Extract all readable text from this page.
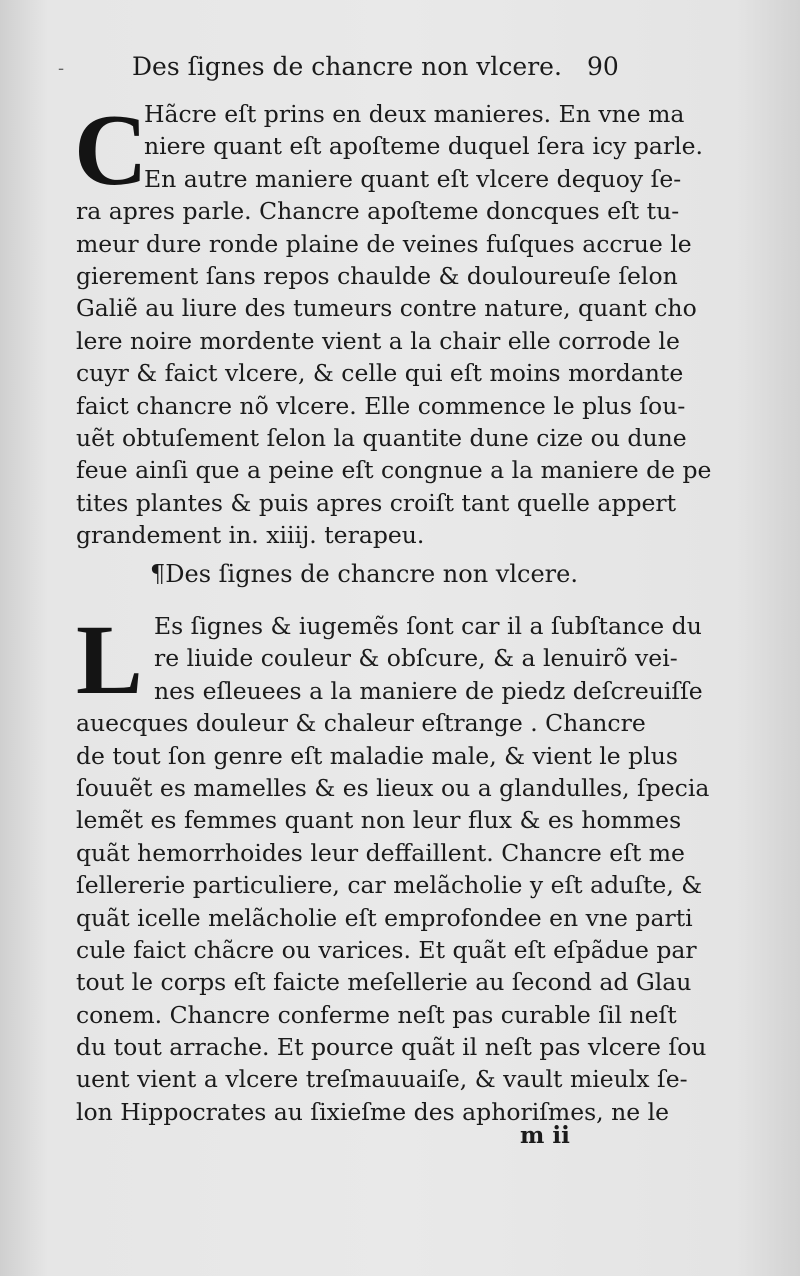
-	Des ſignes de chancre non vlcere. 90
C
Hãcre eſt prins en deux manieres. En vne ma
niere quant eſt apoſteme duquel ſera icy parle.
En autre maniere quant eſt vlcere dequoy ſe-
ra apres parle. Chancre apoſteme doncques eſt tu-
meur dure ronde plaine de veines fuſques accrue le
gierement ſans repos chaulde & douloureuſe ſelon
Galiẽ au liure des tumeurs contre nature, quant cho
lere noire mordente vient a la chair elle corrode le
cuyr & faict vlcere, & celle qui eſt moins mordante
faict chancre nõ vlcere. Elle commence le plus ſou-
uẽt obtuſement ſelon la quantite dune cize ou dune
feue ainſi que a peine eſt congnue a la maniere de pe
tites plantes & puis apres croiſt tant quelle appert
grandement in. xiiij. terapeu.
¶Des ſignes de chancre non vlcere.
L Es ſignes & iugemẽs ſont car il a ſubſtance du
re liuide couleur & obſcure, & a lenuirõ vei-
nes eſleuees a la maniere de piedz deſcreuiſſe
auecques douleur & chaleur eſtrange . Chancre
de tout ſon genre eſt maladie male, & vient le plus
ſouuẽt es mamelles & es lieux ou a glandulles, ſpecia
lemẽt es femmes quant non leur flux & es hommes
quãt hemorrhoides leur deffaillent. Chancre eſt me
ſellererie particuliere, car melãcholie y eſt aduſte, &
quãt icelle melãcholie eſt emprofondee en vne parti
cule faict chãcre ou varices. Et quãt eſt eſpãdue par
tout le corps eſt faicte meſellerie au ſecond ad Glau
conem. Chancre conferme neſt pas curable ſil neſt
du tout arrache. Et pource quãt il neſt pas vlcere ſou
uent vient a vlcere treſmauuaiſe, & vault mieulx ſe-
lon Hippocrates au ſixieſme des aphoriſmes, ne le
m ii
